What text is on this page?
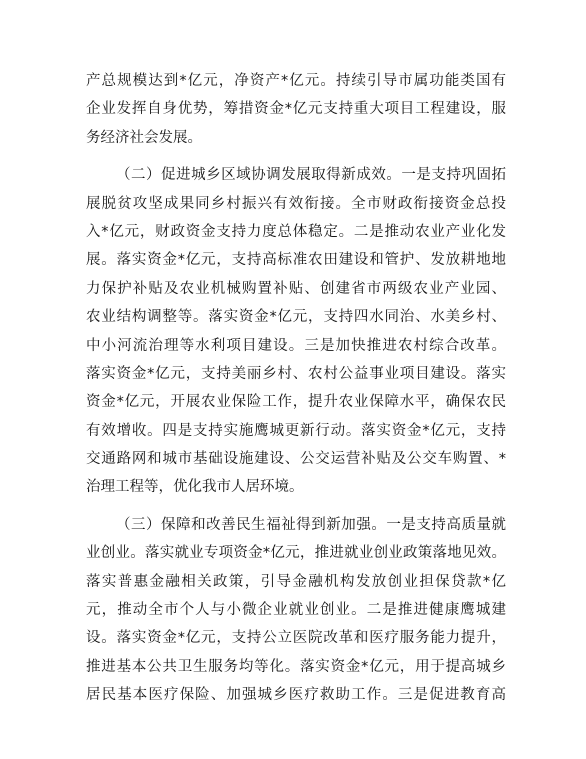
产总规模达到*亿元，净资产*亿元。持续引导市属功能类国有
企业发挥自身优势，筹措资金*亿元支持重大项目工程建设，服
务经济社会发展。
（二）促进城乡区域协调发展取得新成效。一是支持巩固拓
展脱贫攻坚成果同乡村振兴有效衔接。全市财政衔接资金总投
入*亿元，财政资金支持力度总体稳定。二是推动农业产业化发
展。落实资金*亿元，支持高标准农田建设和管护、发放耕地地
力保护补贴及农业机械购置补贴、创建省市两级农业产业园、
农业结构调整等。落实资金*亿元，支持四水同治、水美乡村、
中小河流治理等水利项目建设。三是加快推进农村综合改革。
落实资金*亿元，支持美丽乡村、农村公益事业项目建设。落实
资金*亿元，开展农业保险工作，提升农业保障水平，确保农民
有效增收。四是支持实施鹰城更新行动。落实资金*亿元，支持
交通路网和城市基础设施建设、公交运营补贴及公交车购置、*
治理工程等，优化我市人居环境。
（三）保障和改善民生福祉得到新加强。一是支持高质量就
业创业。落实就业专项资金*亿元，推进就业创业政策落地见效。
落实普惠金融相关政策，引导金融机构发放创业担保贷款*亿
元，推动全市个人与小微企业就业创业。二是推进健康鹰城建
设。落实资金*亿元，支持公立医院改革和医疗服务能力提升，
推进基本公共卫生服务均等化。落实资金*亿元，用于提高城乡
居民基本医疗保险、加强城乡医疗救助工作。三是促进教育高
